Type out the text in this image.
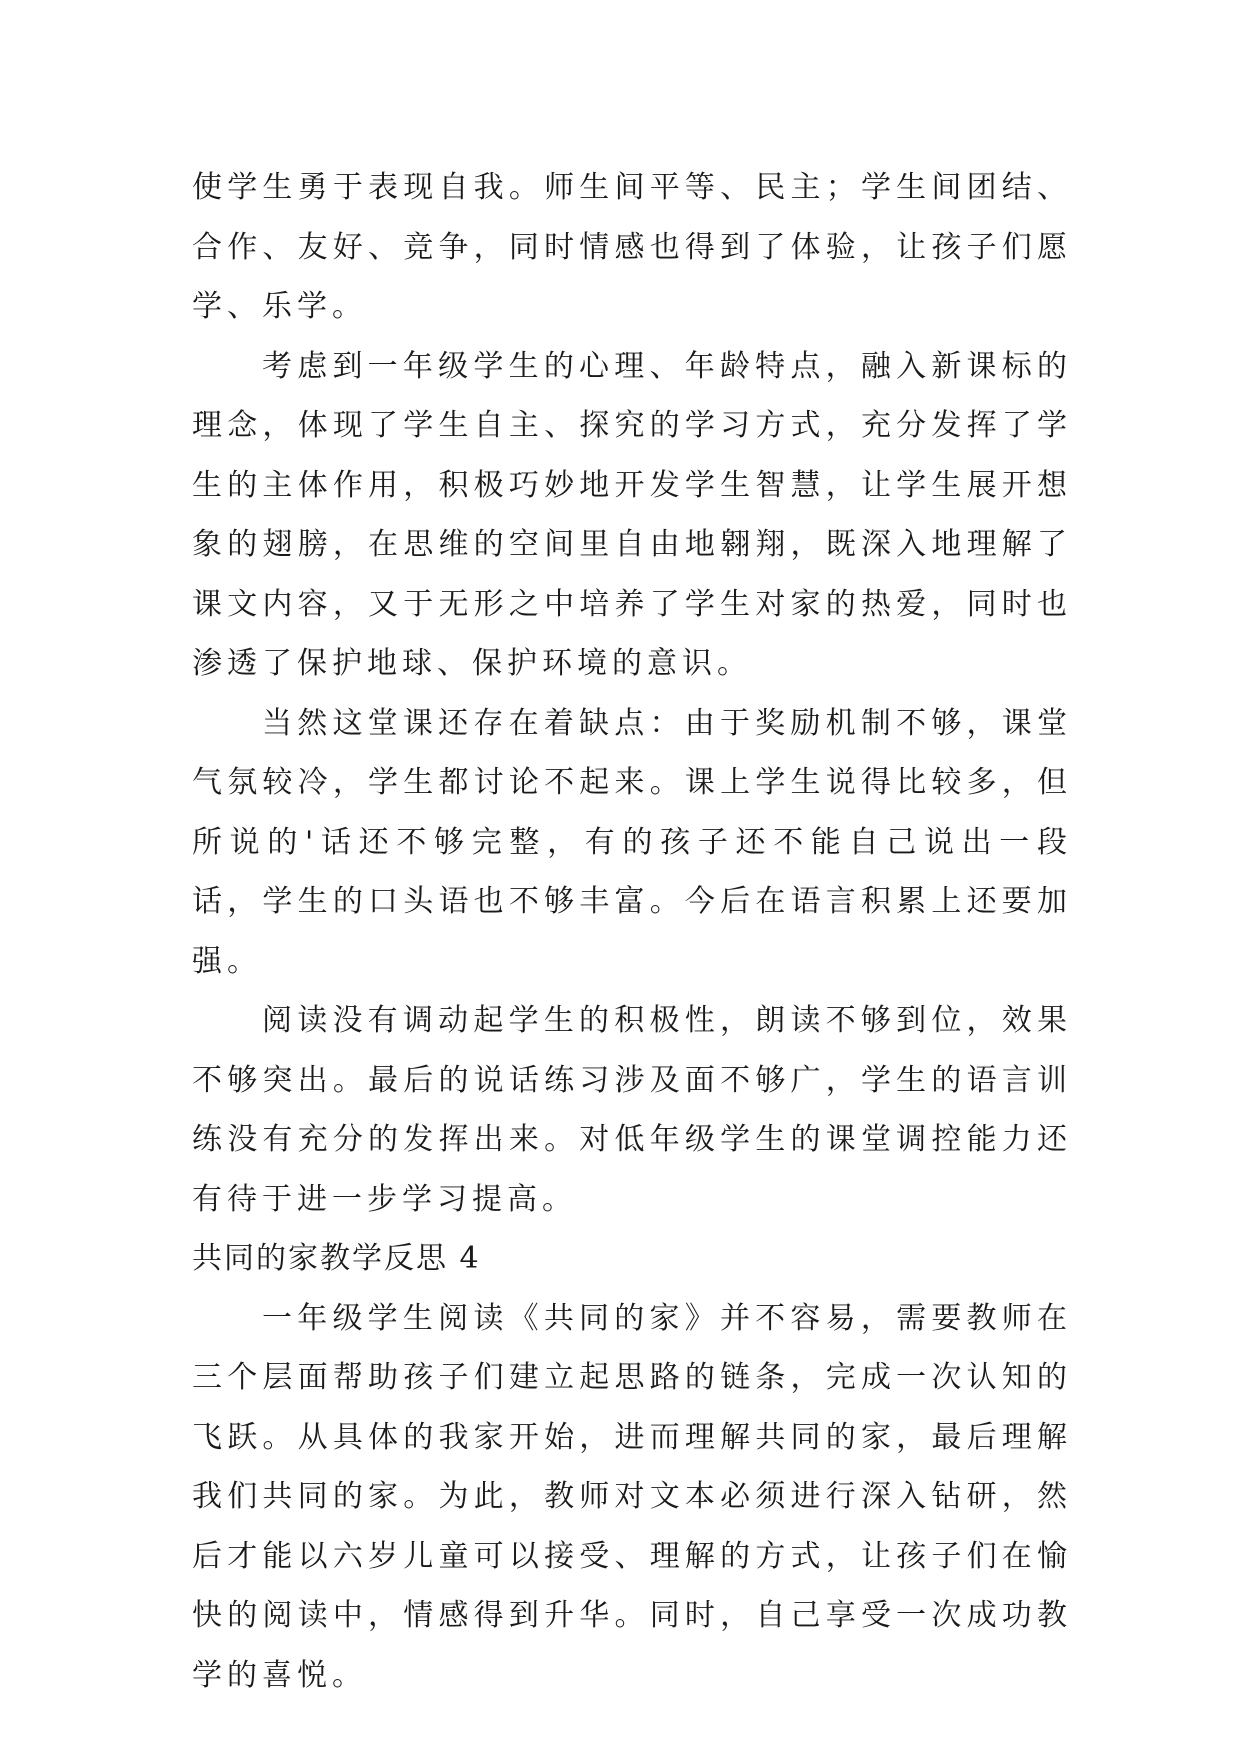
使学生勇于表现自我。师生间平等、民主；学生间团结、合作、友好、竞争，同时情感也得到了体验，让孩子们愿学、乐学。

考虑到一年级学生的心理、年龄特点，融入新课标的理念，体现了学生自主、探究的学习方式，充分发挥了学生的主体作用，积极巧妙地开发学生智慧，让学生展开想象的翅膀，在思维的空间里自由地翱翔，既深入地理解了课文内容，又于无形之中培养了学生对家的热爱，同时也渗透了保护地球、保护环境的意识。

当然这堂课还存在着缺点：由于奖励机制不够，课堂气氛较冷，学生都讨论不起来。课上学生说得比较多，但所说的'话还不够完整，有的孩子还不能自己说出一段话，学生的口头语也不够丰富。今后在语言积累上还要加强。

阅读没有调动起学生的积极性，朗读不够到位，效果不够突出。最后的说话练习涉及面不够广，学生的语言训练没有充分的发挥出来。对低年级学生的课堂调控能力还有待于进一步学习提高。

共同的家教学反思 4

一年级学生阅读《共同的家》并不容易，需要教师在三个层面帮助孩子们建立起思路的链条，完成一次认知的飞跃。从具体的我家开始，进而理解共同的家，最后理解我们共同的家。为此，教师对文本必须进行深入钻研，然后才能以六岁儿童可以接受、理解的方式，让孩子们在愉快的阅读中，情感得到升华。同时，自己享受一次成功教学的喜悦。
